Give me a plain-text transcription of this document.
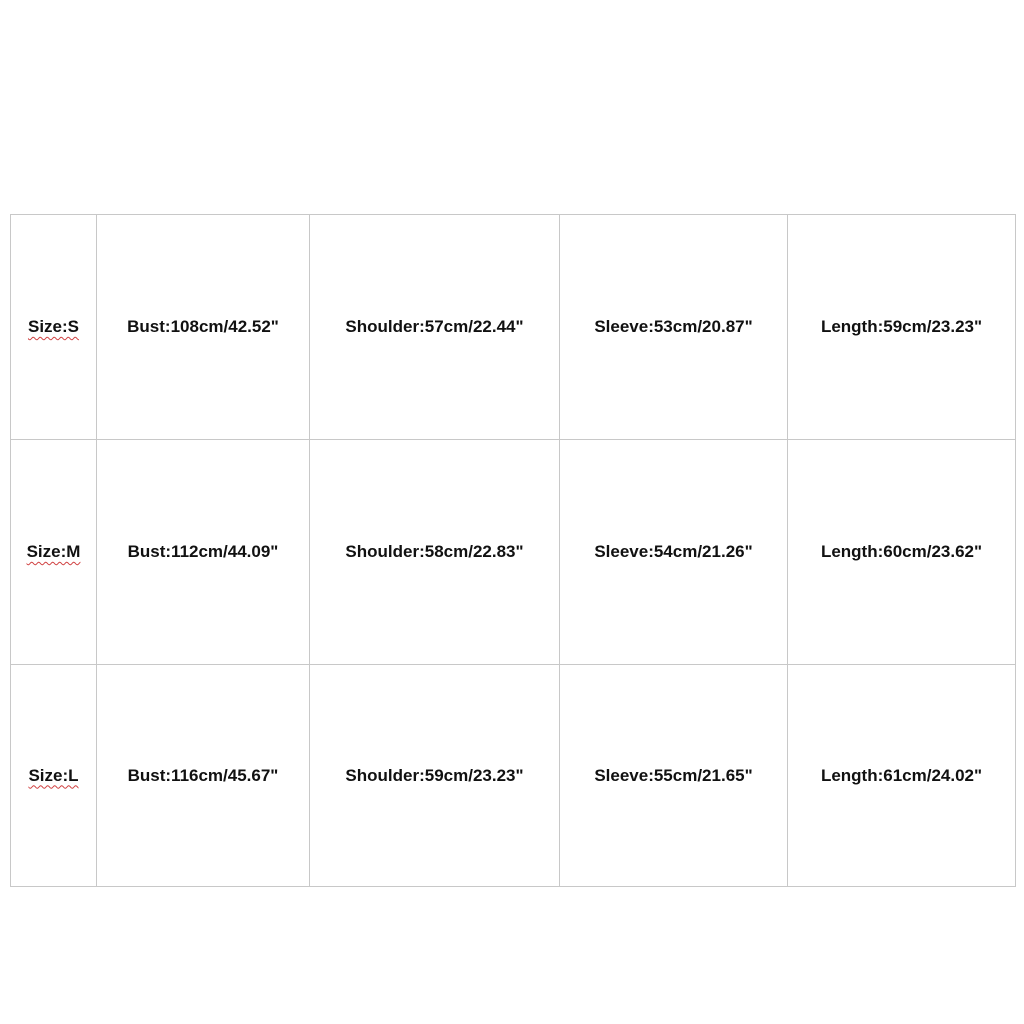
Size:S	Bust:108cm/42.52"	Shoulder:57cm/22.44"	Sleeve:53cm/20.87"	Length:59cm/23.23"
Size:M	Bust:112cm/44.09"	Shoulder:58cm/22.83"	Sleeve:54cm/21.26"	Length:60cm/23.62"
Size:L	Bust:116cm/45.67"	Shoulder:59cm/23.23"	Sleeve:55cm/21.65"	Length:61cm/24.02"
